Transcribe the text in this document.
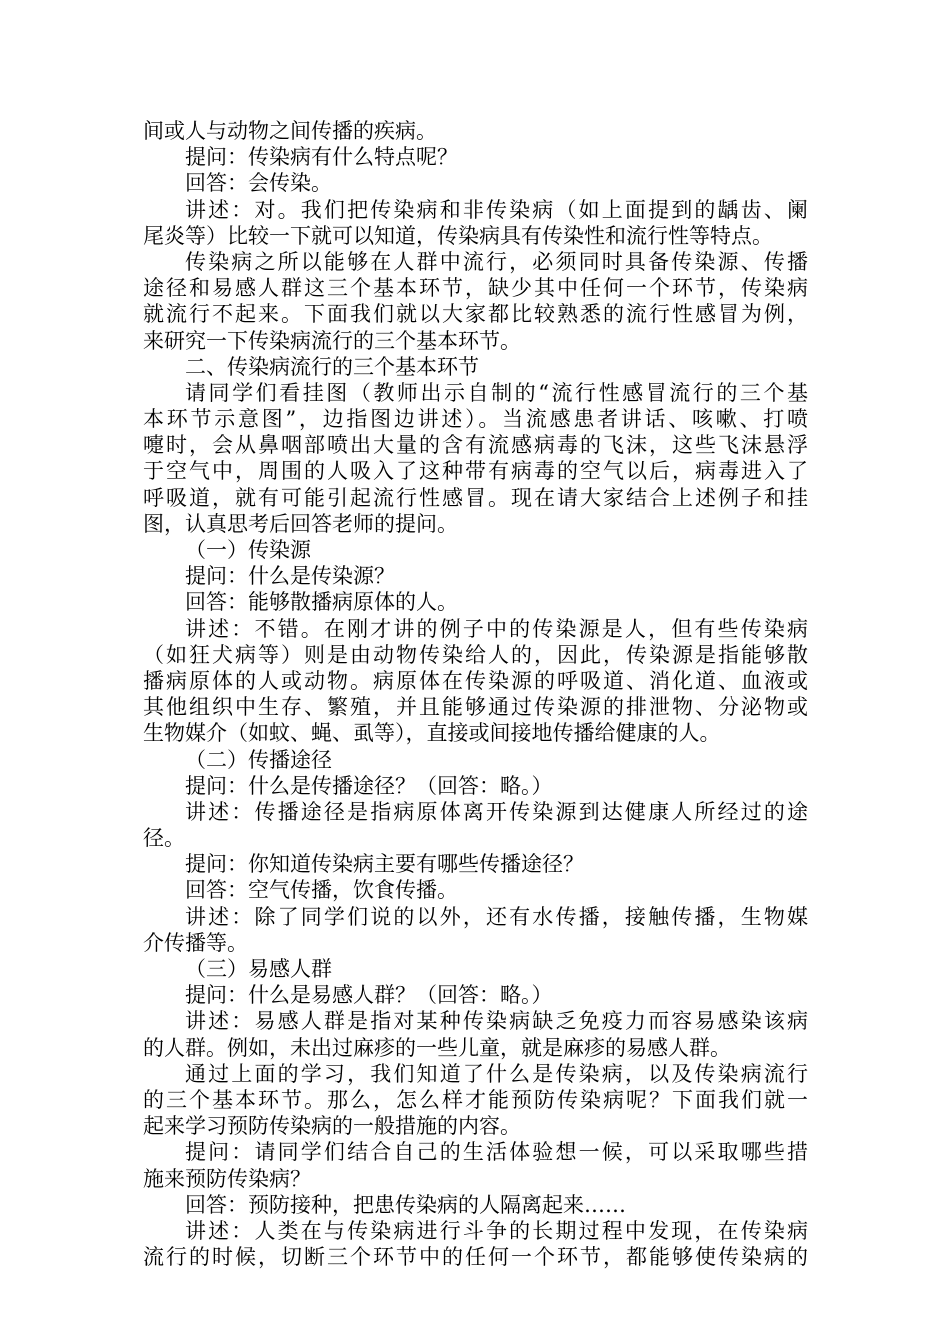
间或人与动物之间传播的疾病。
提问：传染病有什么特点呢？
回答：会传染。
讲述：对。我们把传染病和非传染病（如上面提到的龋齿、阑
尾炎等）比较一下就可以知道，传染病具有传染性和流行性等特点。
传染病之所以能够在人群中流行，必须同时具备传染源、传播
途径和易感人群这三个基本环节，缺少其中任何一个环节，传染病
就流行不起来。下面我们就以大家都比较熟悉的流行性感冒为例，
来研究一下传染病流行的三个基本环节。
二、传染病流行的三个基本环节
请同学们看挂图（教师出示自制的“流行性感冒流行的三个基
本环节示意图”，边指图边讲述）。当流感患者讲话、咳嗽、打喷
嚏时，会从鼻咽部喷出大量的含有流感病毒的飞沫，这些飞沫悬浮
于空气中，周围的人吸入了这种带有病毒的空气以后，病毒进入了
呼吸道，就有可能引起流行性感冒。现在请大家结合上述例子和挂
图，认真思考后回答老师的提问。
（一）传染源
提问：什么是传染源？
回答：能够散播病原体的人。
讲述：不错。在刚才讲的例子中的传染源是人，但有些传染病
（如狂犬病等）则是由动物传染给人的，因此，传染源是指能够散
播病原体的人或动物。病原体在传染源的呼吸道、消化道、血液或
其他组织中生存、繁殖，并且能够通过传染源的排泄物、分泌物或
生物媒介（如蚊、蝇、虱等），直接或间接地传播给健康的人。
（二）传播途径
提问：什么是传播途径？（回答：略。）
讲述：传播途径是指病原体离开传染源到达健康人所经过的途
径。
提问：你知道传染病主要有哪些传播途径？
回答：空气传播，饮食传播。
讲述：除了同学们说的以外，还有水传播，接触传播，生物媒
介传播等。
（三）易感人群
提问：什么是易感人群？（回答：略。）
讲述：易感人群是指对某种传染病缺乏免疫力而容易感染该病
的人群。例如，未出过麻疹的一些儿童，就是麻疹的易感人群。
通过上面的学习，我们知道了什么是传染病，以及传染病流行
的三个基本环节。那么，怎么样才能预防传染病呢？下面我们就一
起来学习预防传染病的一般措施的内容。
提问：请同学们结合自己的生活体验想一候，可以采取哪些措
施来预防传染病？
回答：预防接种，把患传染病的人隔离起来……
讲述：人类在与传染病进行斗争的长期过程中发现，在传染病
流行的时候，切断三个环节中的任何一个环节，都能够使传染病的
